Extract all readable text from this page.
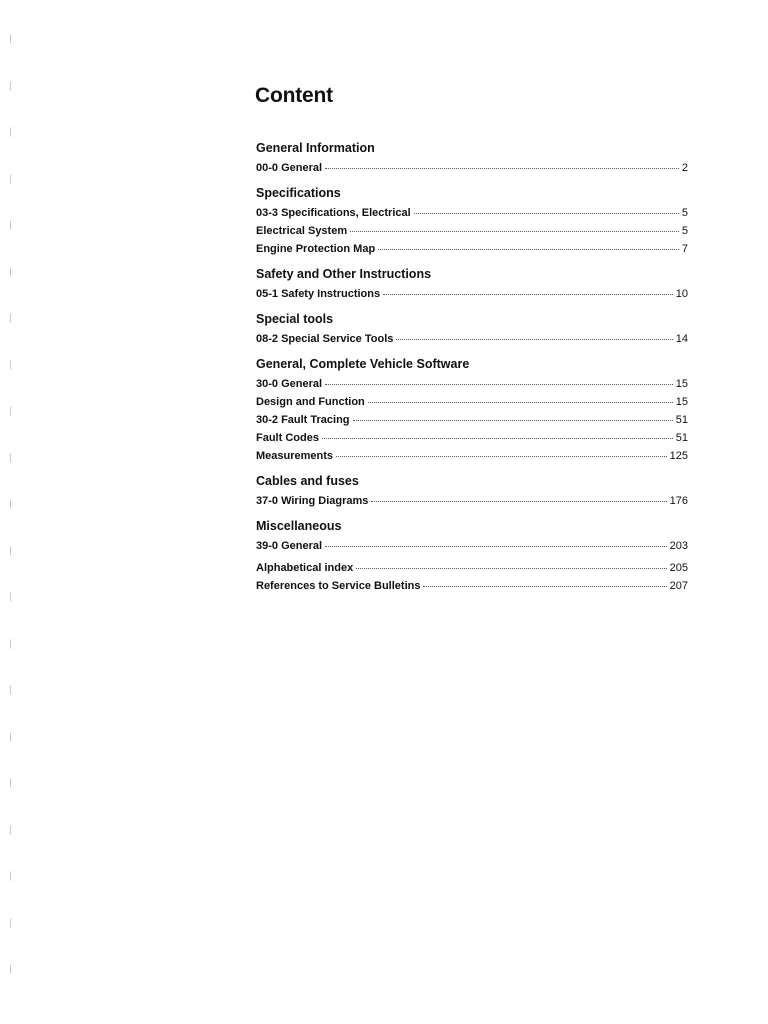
Content
General Information
00-0 General	2
Specifications
03-3 Specifications, Electrical	5
Electrical System	5
Engine Protection Map	7
Safety and Other Instructions
05-1 Safety Instructions	10
Special tools
08-2 Special Service Tools	14
General, Complete Vehicle Software
30-0 General	15
Design and Function	15
30-2 Fault Tracing	51
Fault Codes	51
Measurements	125
Cables and fuses
37-0 Wiring Diagrams	176
Miscellaneous
39-0 General	203
Alphabetical index	205
References to Service Bulletins	207
